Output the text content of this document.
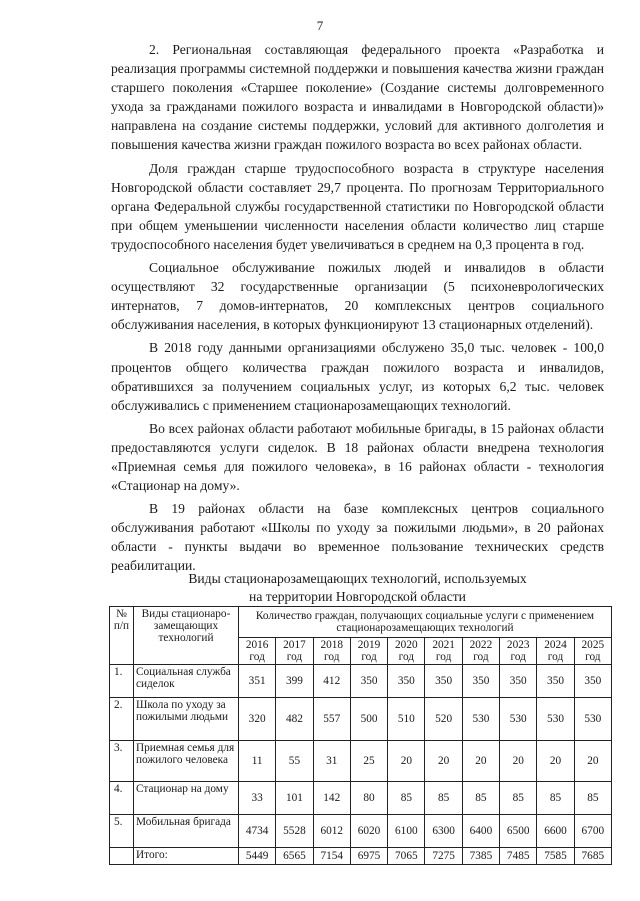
7

2. Региональная составляющая федерального проекта «Разработка и реализация программы системной поддержки и повышения качества жизни граждан старшего поколения «Старшее поколение» (Создание системы долговременного ухода за гражданами пожилого возраста и инвалидами в Новгородской области)» направлена на создание системы поддержки, условий для активного долголетия и повышения качества жизни граждан пожилого возраста во всех районах области.

Доля граждан старше трудоспособного возраста в структуре населения Новгородской области составляет 29,7 процента. По прогнозам Территориального органа Федеральной службы государственной статистики по Новгородской области при общем уменьшении численности населения области количество лиц старше трудоспособного населения будет увеличиваться в среднем на 0,3 процента в год.

Социальное обслуживание пожилых людей и инвалидов в области осуществляют 32 государственные организации (5 психоневрологических интернатов, 7 домов-интернатов, 20 комплексных центров социального обслуживания населения, в которых функционируют 13 стационарных отделений).

В 2018 году данными организациями обслужено 35,0 тыс. человек - 100,0 процентов общего количества граждан пожилого возраста и инвалидов, обратившихся за получением социальных услуг, из которых 6,2 тыс. человек обслуживались с применением стационарозамещающих технологий.

Во всех районах области работают мобильные бригады, в 15 районах области предоставляются услуги сиделок. В 18 районах области внедрена технология «Приемная семья для пожилого человека», в 16 районах области - технология «Стационар на дому».

В 19 районах области на базе комплексных центров социального обслуживания работают «Школы по уходу за пожилыми людьми», в 20 районах области - пункты выдачи во временное пользование технических средств реабилитации.

Виды стационарозамещающих технологий, используемых
на территории Новгородской области
№ п/п	Виды стационаро-замещающих технологий	Количество граждан, получающих социальные услуги с применением стационарозамещающих технологий									
		2016 год	2017 год	2018 год	2019 год	2020 год	2021 год	2022 год	2023 год	2024 год	2025 год
1.	Социальная служба сиделок	351	399	412	350	350	350	350	350	350	350
2.	Школа по уходу за пожилыми людьми	320	482	557	500	510	520	530	530	530	530
3.	Приемная семья для пожилого человека	11	55	31	25	20	20	20	20	20	20
4.	Стационар на дому	33	101	142	80	85	85	85	85	85	85
5.	Мобильная бригада	4734	5528	6012	6020	6100	6300	6400	6500	6600	6700
	Итого:	5449	6565	7154	6975	7065	7275	7385	7485	7585	7685
